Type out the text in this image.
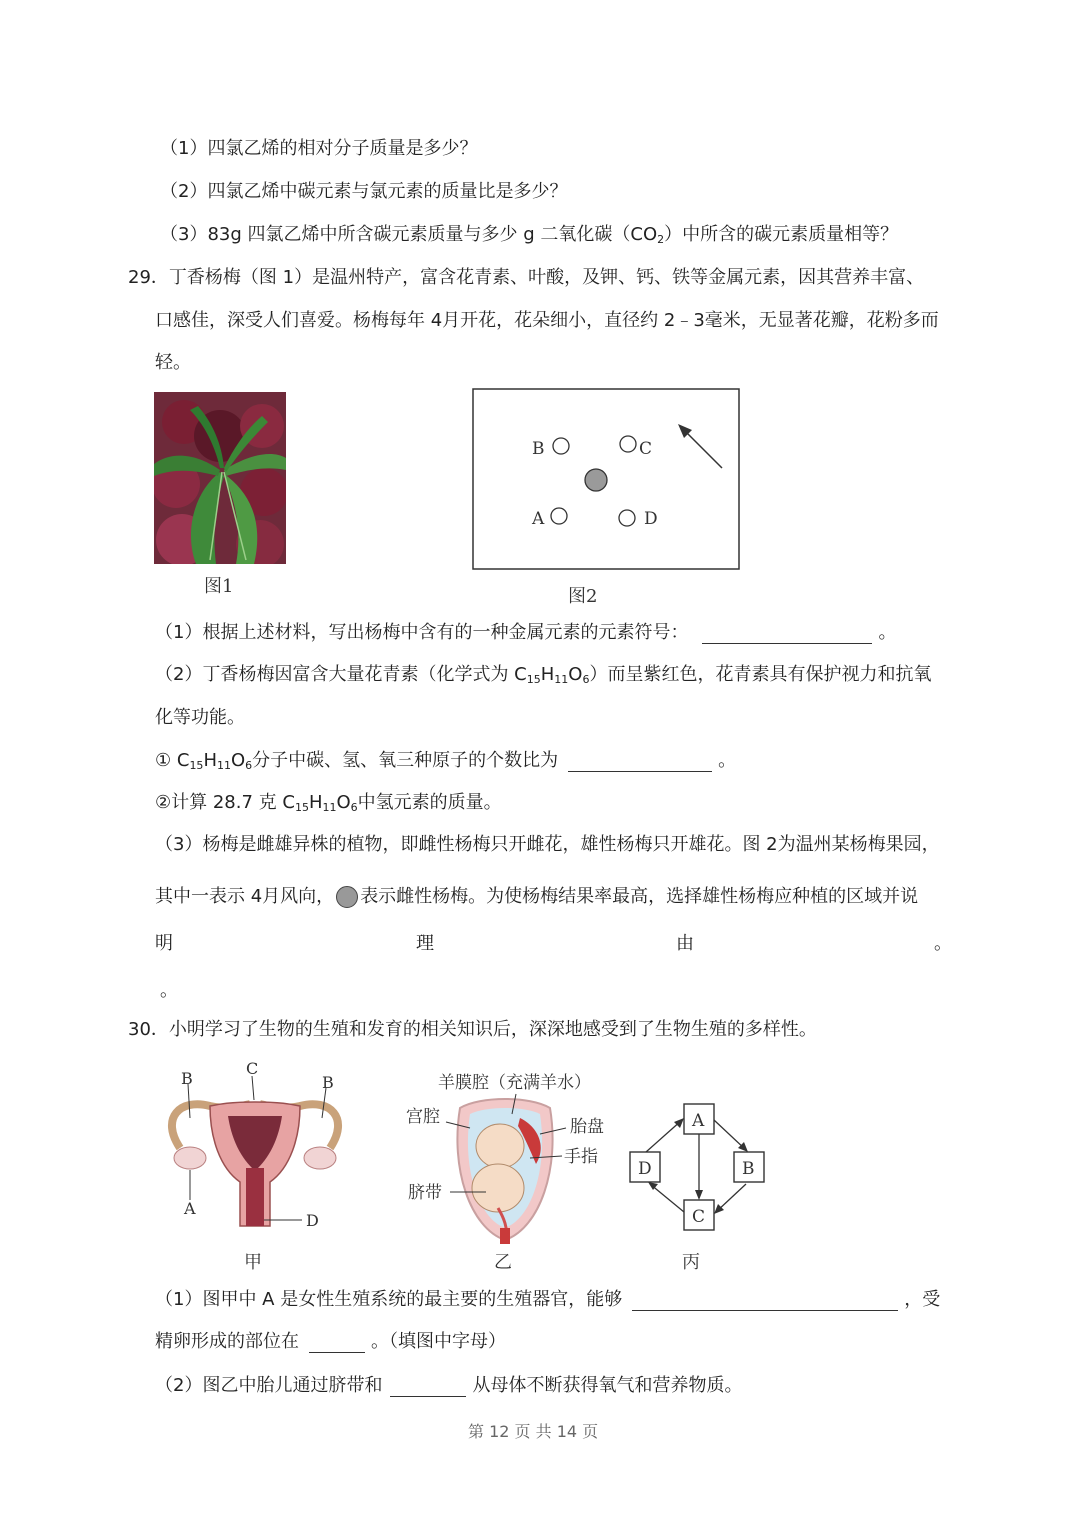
（1）四氯乙烯的相对分子质量是多少？
（2）四氯乙烯中碳元素与氯元素的质量比是多少？
（3）83g 四氯乙烯中所含碳元素质量与多少 g 二氧化碳$(CO_2)$中所含的碳元素质量相等？
29．丁香杨梅（图 1）是温州特产，富含花青素、叶酸，及钾、钙、铁等金属元素，因其营养丰富、
口感佳，深受人们喜爱。杨梅每年 4月开花，花朵细小，直径约 2﹣3毫米，无显著花瓣，花粉多而
轻。
图1
B	C
A	D
图2
（1）根据上述材料，写出杨梅中含有的一种金属元素的元素符号：	。
（2）丁香杨梅因富含大量花青素（化学式为 $C_{15}H_{11}O_6$）而呈紫红色，花青素具有保护视力和抗氧
化等功能。
① $C_{15}H_{11}O_6$分子中碳、氢、氧三种原子的个数比为	。
②计算 28.7 克 $C_{15}H_{11}O_6$中氢元素的质量。
（3）杨梅是雌雄异株的植物，即雌性杨梅只开雌花，雄性杨梅只开雄花。图 2为温州某杨梅果园，
其中一表示 4月风向， 表示雌性杨梅。为使杨梅结果率最高，选择雄性杨梅应种植的区域并说
明	理	由	。
。
30．小明学习了生物的生殖和发育的相关知识后，深深地感受到了生物生殖的多样性。
B
C
B
A
D
甲
羊膜腔（充满羊水）
宫腔	胎盘
手指
脐带
乙
A
B
C
D
丙
（1）图甲中 A 是女性生殖系统的最主要的生殖器官，能够	，受
精卵形成的部位在	。（填图中字母）
（2）图乙中胎儿通过脐带和	从母体不断获得氧气和营养物质。
第 12 页 共 14 页
